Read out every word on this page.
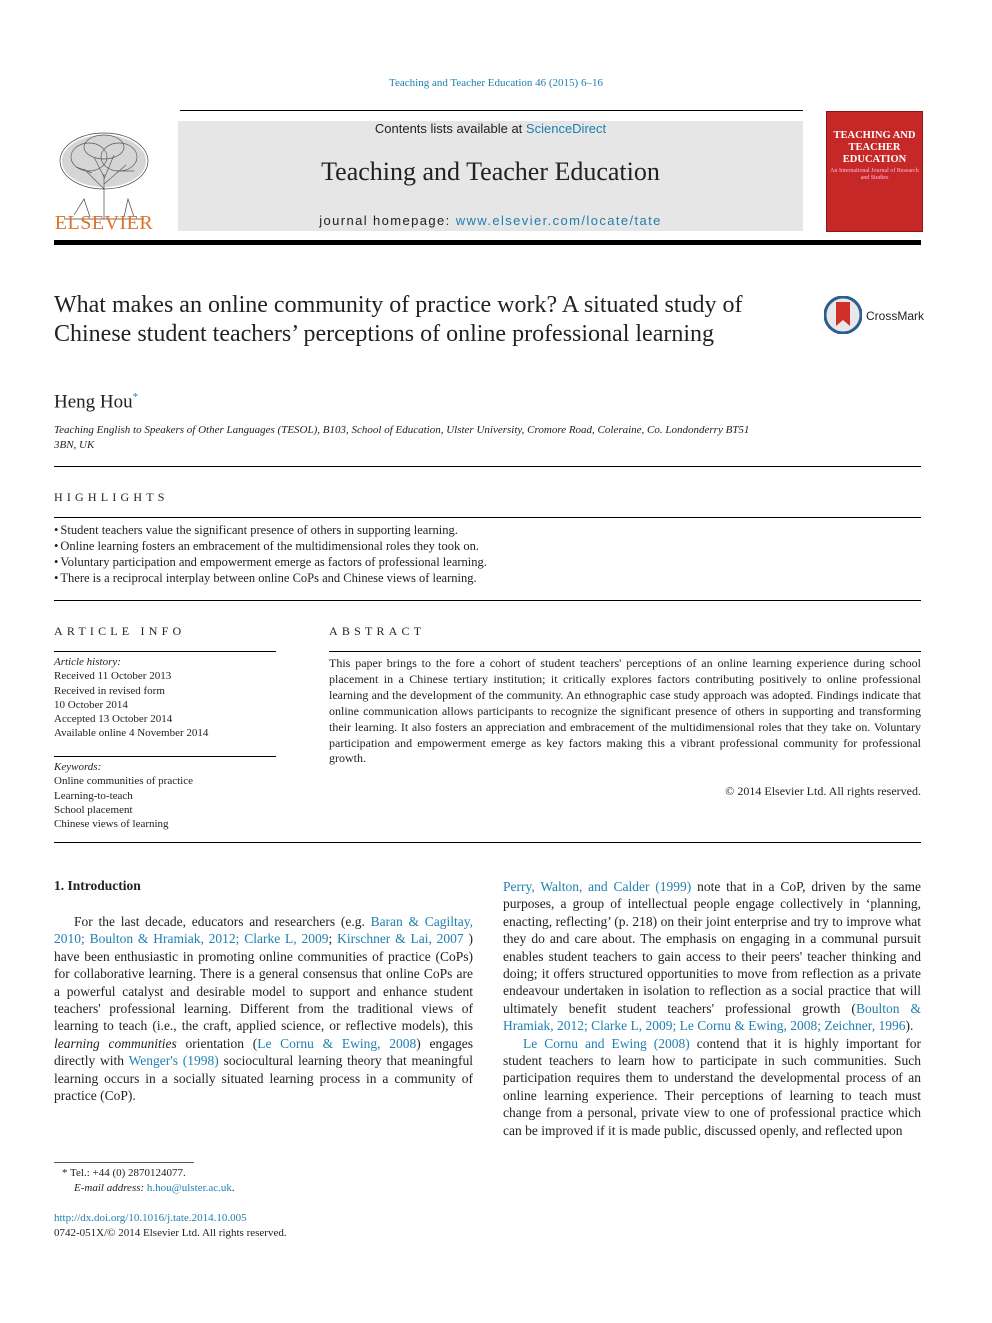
Teaching and Teacher Education 46 (2015) 6–16
Contents lists available at ScienceDirect
Teaching and Teacher Education
journal homepage: www.elsevier.com/locate/tate
ELSEVIER
TEACHING AND TEACHER EDUCATION
An International Journal of Research and Studies
What makes an online community of practice work? A situated study of Chinese student teachers’ perceptions of online professional learning
CrossMark
Heng Hou*
Teaching English to Speakers of Other Languages (TESOL), B103, School of Education, Ulster University, Cromore Road, Coleraine, Co. Londonderry BT51 3BN, UK
HIGHLIGHTS
• Student teachers value the significant presence of others in supporting learning.
• Online learning fosters an embracement of the multidimensional roles they took on.
• Voluntary participation and empowerment emerge as factors of professional learning.
• There is a reciprocal interplay between online CoPs and Chinese views of learning.
ARTICLE INFO
Article history:
Received 11 October 2013
Received in revised form
10 October 2014
Accepted 13 October 2014
Available online 4 November 2014
Keywords:
Online communities of practice
Learning-to-teach
School placement
Chinese views of learning
ABSTRACT
This paper brings to the fore a cohort of student teachers' perceptions of an online learning experience during school placement in a Chinese tertiary institution; it critically explores factors contributing positively to online professional learning and the development of the community. An ethnographic case study approach was adopted. Findings indicate that online communication allows participants to recognize the significant presence of others in supporting and transforming their learning. It also fosters an appreciation and embracement of the multidimensional roles that they take on. Voluntary participation and empowerment emerge as key factors making this a vibrant professional community for professional growth.
© 2014 Elsevier Ltd. All rights reserved.
1. Introduction

For the last decade, educators and researchers (e.g. Baran & Cagiltay, 2010; Boulton & Hramiak, 2012; Clarke L, 2009; Kirschner & Lai, 2007 ) have been enthusiastic in promoting online communities of practice (CoPs) for collaborative learning. There is a general consensus that online CoPs are a powerful catalyst and desirable model to support and enhance student teachers' professional learning. Different from the traditional views of learning to teach (i.e., the craft, applied science, or reflective models), this learning communities orientation (Le Cornu & Ewing, 2008) engages directly with Wenger's (1998) sociocultural learning theory that meaningful learning occurs in a socially situated learning process in a community of practice (CoP).

Perry, Walton, and Calder (1999) note that in a CoP, driven by the same purposes, a group of intellectual people engage collectively in ‘planning, enacting, reflecting’ (p. 218) on their joint enterprise and try to improve what they do and care about. The emphasis on engaging in a communal pursuit enables student teachers to gain access to their peers' teacher thinking and doing; it offers structured opportunities to move from reflection as a private endeavour undertaken in isolation to reflection as a social practice that will ultimately benefit student teachers' professional growth (Boulton & Hramiak, 2012; Clarke L, 2009; Le Cornu & Ewing, 2008; Zeichner, 1996).

Le Cornu and Ewing (2008) contend that it is highly important for student teachers to learn how to participate in such communities. Such participation requires them to understand the developmental process of an online learning experience. Their perceptions of learning to teach must change from a personal, private view to one of professional practice which can be improved if it is made public, discussed openly, and reflected upon

* Tel.: +44 (0) 2870124077.
E-mail address: h.hou@ulster.ac.uk.
http://dx.doi.org/10.1016/j.tate.2014.10.005
0742-051X/© 2014 Elsevier Ltd. All rights reserved.
